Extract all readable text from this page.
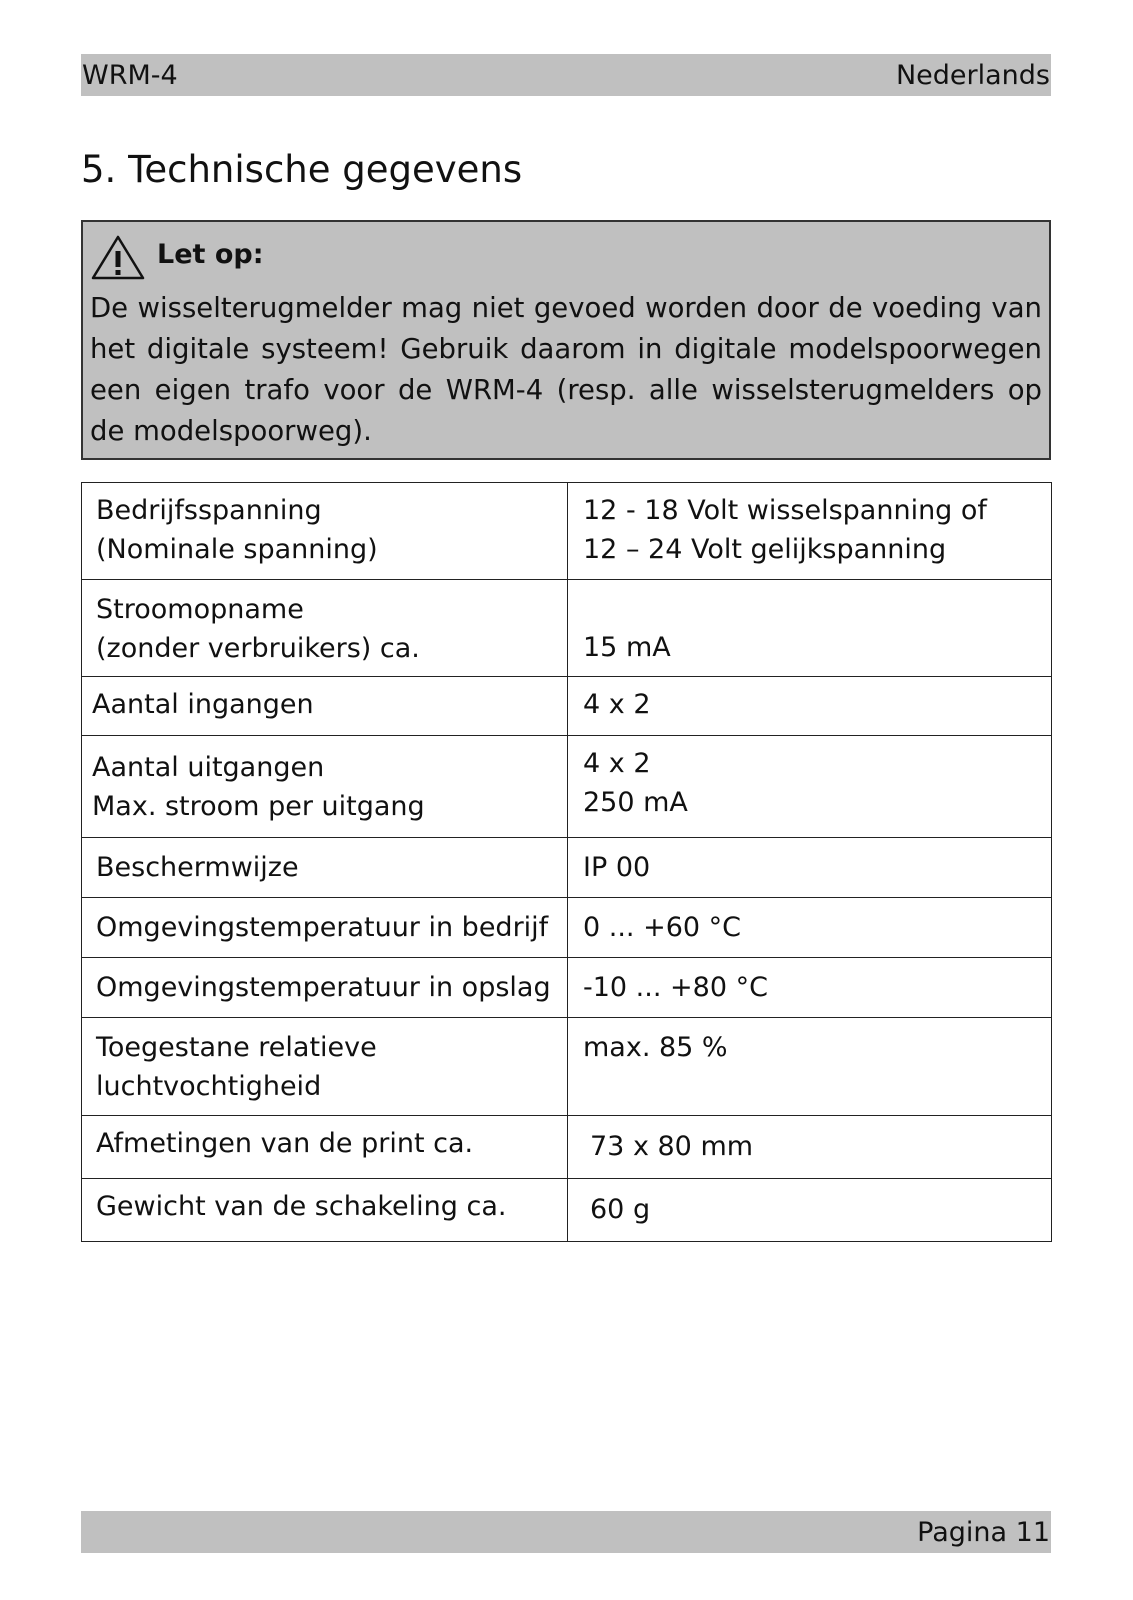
WRM-4	Nederlands
5. Technische gegevens
Let op:

De wisselterugmelder mag niet gevoed worden door de voeding van het digitale systeem! Gebruik daarom in digitale modelspoorwegen een eigen trafo voor de WRM-4 (resp. alle wisselsterugmelders op de modelspoorweg).

Bedrijfsspanning
(Nominale spanning)	12 - 18 Volt wisselspanning of
12 – 24 Volt gelijkspanning

Stroomopname
(zonder verbruikers) ca.	15 mA

Aantal ingangen	4 x 2

Aantal uitgangen
Max. stroom per uitgang	4 x 2
250 mA

Beschermwijze	IP 00

Omgevingstemperatuur in bedrijf	0 ... +60 °C

Omgevingstemperatuur in opslag	-10 ... +80 °C

Toegestane relatieve
luchtvochtigheid	max. 85 %

Afmetingen van de print ca.	73 x 80 mm

Gewicht van de schakeling ca.	60 g
Pagina 11
